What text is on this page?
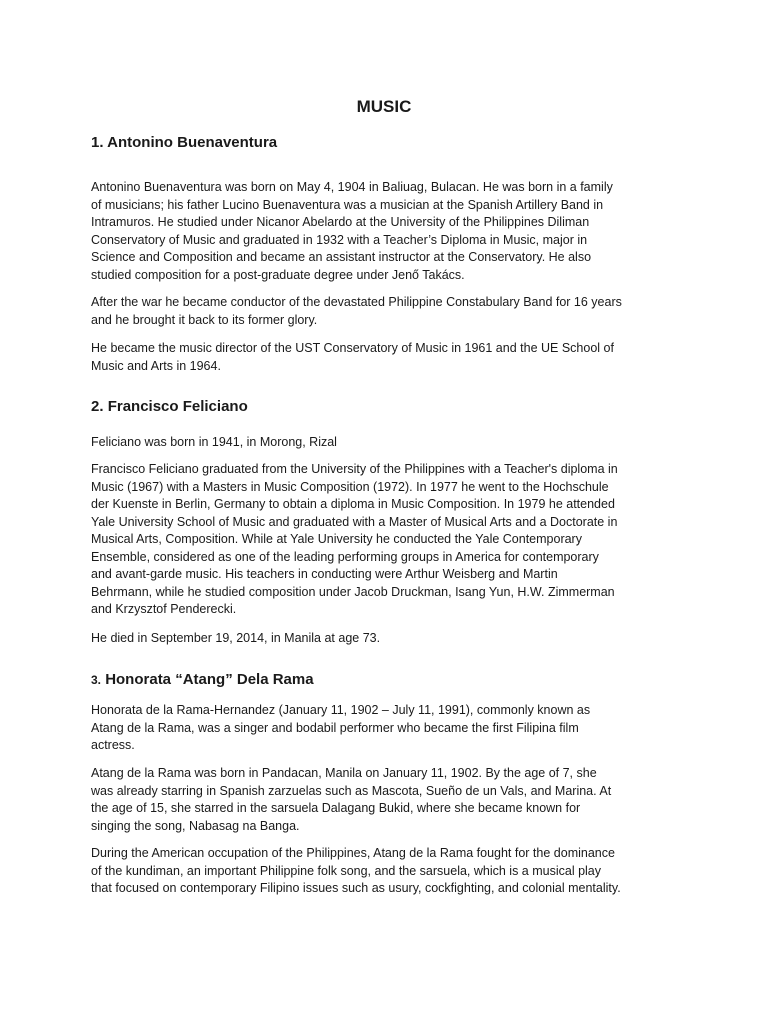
MUSIC
1. Antonino Buenaventura

Antonino Buenaventura was born on May 4, 1904 in Baliuag, Bulacan. He was born in a family
of musicians; his father Lucino Buenaventura was a musician at the Spanish Artillery Band in
Intramuros. He studied under Nicanor Abelardo at the University of the Philippines Diliman
Conservatory of Music and graduated in 1932 with a Teacher’s Diploma in Music, major in
Science and Composition and became an assistant instructor at the Conservatory. He also
studied composition for a post-graduate degree under Jenő Takács.

After the war he became conductor of the devastated Philippine Constabulary Band for 16 years
and he brought it back to its former glory.

He became the music director of the UST Conservatory of Music in 1961 and the UE School of
Music and Arts in 1964.

2. Francisco Feliciano

Feliciano was born in 1941, in Morong, Rizal

Francisco Feliciano graduated from the University of the Philippines with a Teacher's diploma in
Music (1967) with a Masters in Music Composition (1972). In 1977 he went to the Hochschule
der Kuenste in Berlin, Germany to obtain a diploma in Music Composition. In 1979 he attended
Yale University School of Music and graduated with a Master of Musical Arts and a Doctorate in
Musical Arts, Composition. While at Yale University he conducted the Yale Contemporary
Ensemble, considered as one of the leading performing groups in America for contemporary
and avant-garde music. His teachers in conducting were Arthur Weisberg and Martin
Behrmann, while he studied composition under Jacob Druckman, Isang Yun, H.W. Zimmerman
and Krzysztof Penderecki.

He died in September 19, 2014, in Manila at age 73.

3. Honorata “Atang” Dela Rama

Honorata de la Rama-Hernandez (January 11, 1902 – July 11, 1991), commonly known as
Atang de la Rama, was a singer and bodabil performer who became the first Filipina film
actress.

Atang de la Rama was born in Pandacan, Manila on January 11, 1902. By the age of 7, she
was already starring in Spanish zarzuelas such as Mascota, Sueño de un Vals, and Marina. At
the age of 15, she starred in the sarsuela Dalagang Bukid, where she became known for
singing the song, Nabasag na Banga.

During the American occupation of the Philippines, Atang de la Rama fought for the dominance
of the kundiman, an important Philippine folk song, and the sarsuela, which is a musical play
that focused on contemporary Filipino issues such as usury, cockfighting, and colonial mentality.
